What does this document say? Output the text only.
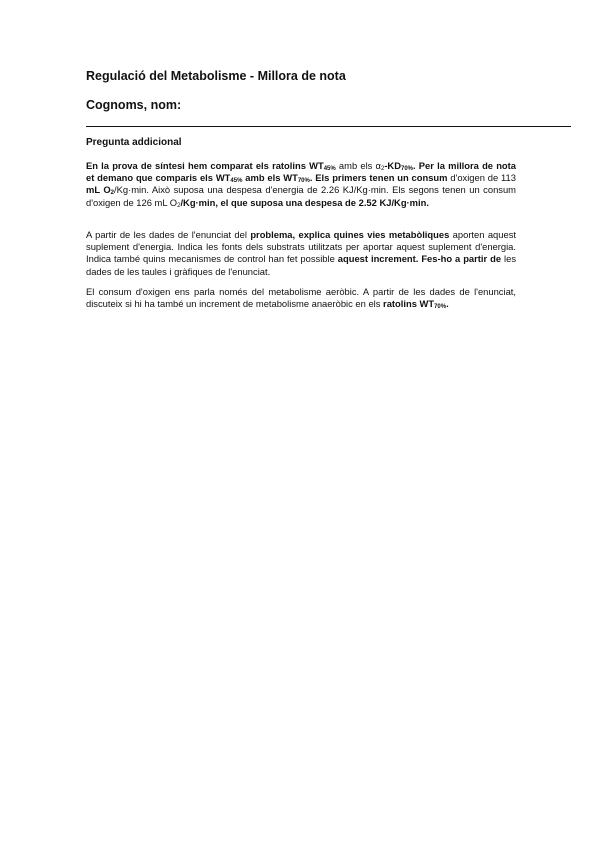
Regulació del Metabolisme - Millora de nota
Cognoms, nom:
Pregunta addicional
En la prova de síntesi hem comparat els ratolins $WT_{45\%}$ amb els $\alpha_2-KD_{70\%}$. Per la millora de nota et demano que comparis els $WT_{45\%}$ amb els $WT_{70\%}$. Els primers tenen un consum d'oxigen de 113 mL $O_2/Kg\cdot\min$. Això suposa una despesa d'energia de 2.26 KJ/Kg·min. Els segons tenen un consum d'oxigen de 126 mL $O_2/Kg\cdot\min$, el que suposa una despesa de 2.52 KJ/Kg·min.
A partir de les dades de l'enunciat del problema, explica quines vies metabòliques aporten aquest suplement d'energia. Indica les fonts dels substrats utilitzats per aportar aquest suplement d'energia. Indica també quins mecanismes de control han fet possible aquest increment. Fes-ho a partir de les dades de les taules i gràfiques de l'enunciat.
El consum d'oxigen ens parla només del metabolisme aeròbic. A partir de les dades de l'enunciat, discuteix si hi ha també un increment de metabolisme anaeròbic en els ratolins $WT_{70\%}$.
